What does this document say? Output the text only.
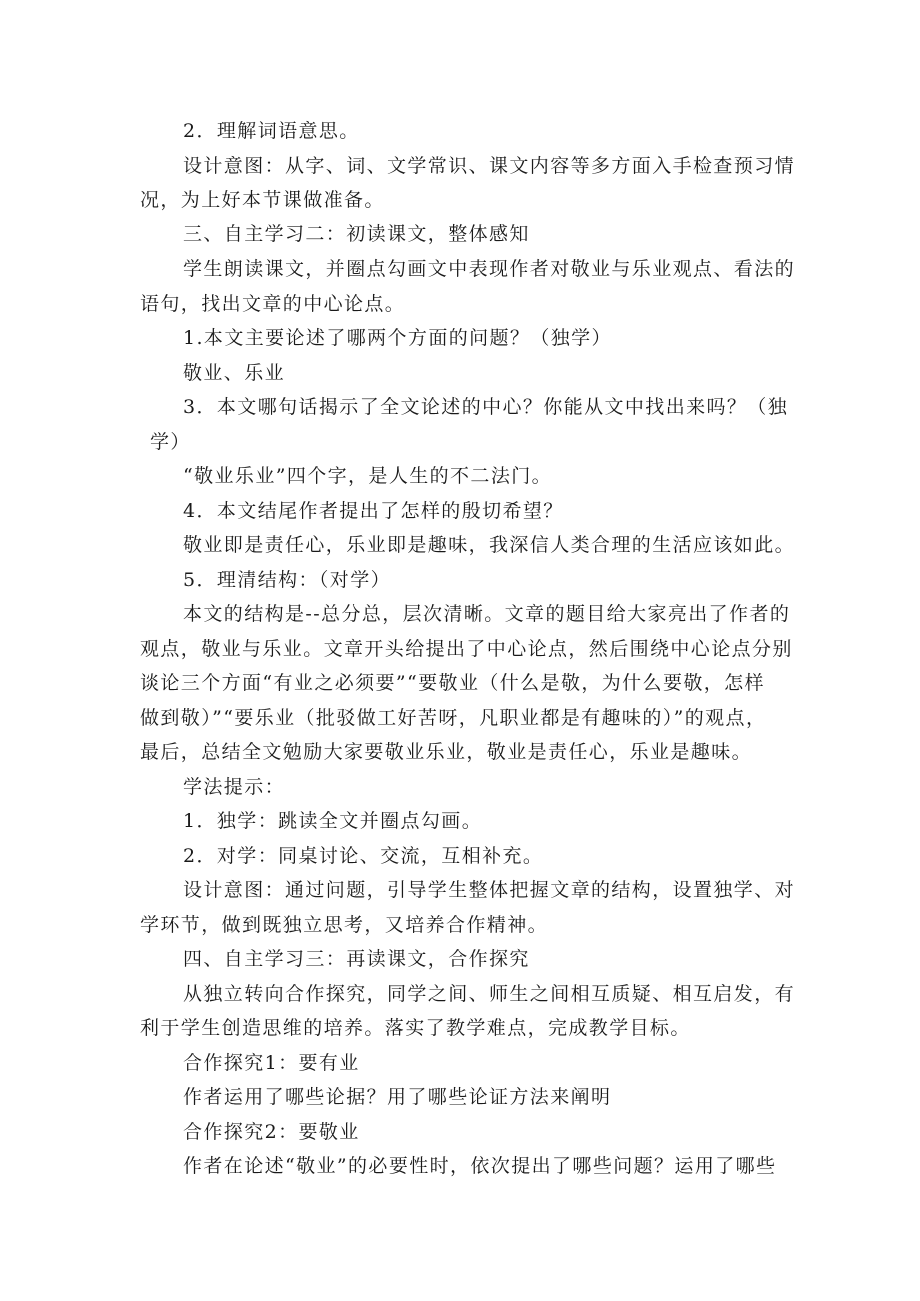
2．理解词语意思。
设计意图：从字、词、文学常识、课文内容等多方面入手检查预习情
况，为上好本节课做准备。
三、自主学习二：初读课文，整体感知
学生朗读课文，并圈点勾画文中表现作者对敬业与乐业观点、看法的
语句，找出文章的中心论点。
1.本文主要论述了哪两个方面的问题？（独学）
敬业、乐业
3．本文哪句话揭示了全文论述的中心？你能从文中找出来吗？（独
学）
“敬业乐业”四个字，是人生的不二法门。
4．本文结尾作者提出了怎样的殷切希望？
敬业即是责任心，乐业即是趣味，我深信人类合理的生活应该如此。
5．理清结构：（对学）
本文的结构是--总分总，层次清晰。文章的题目给大家亮出了作者的
观点，敬业与乐业。文章开头给提出了中心论点，然后围绕中心论点分别
谈论三个方面“有业之必须要”“要敬业（什么是敬，为什么要敬，怎样
做到敬）”“要乐业（批驳做工好苦呀，凡职业都是有趣味的）”的观点，
最后，总结全文勉励大家要敬业乐业，敬业是责任心，乐业是趣味。
学法提示：
1．独学：跳读全文并圈点勾画。
2．对学：同桌讨论、交流，互相补充。
设计意图：通过问题，引导学生整体把握文章的结构，设置独学、对
学环节，做到既独立思考，又培养合作精神。
四、自主学习三：再读课文，合作探究
从独立转向合作探究，同学之间、师生之间相互质疑、相互启发，有
利于学生创造思维的培养。落实了教学难点，完成教学目标。
合作探究1：要有业
作者运用了哪些论据？用了哪些论证方法来阐明
合作探究2：要敬业
作者在论述“敬业”的必要性时，依次提出了哪些问题？运用了哪些
